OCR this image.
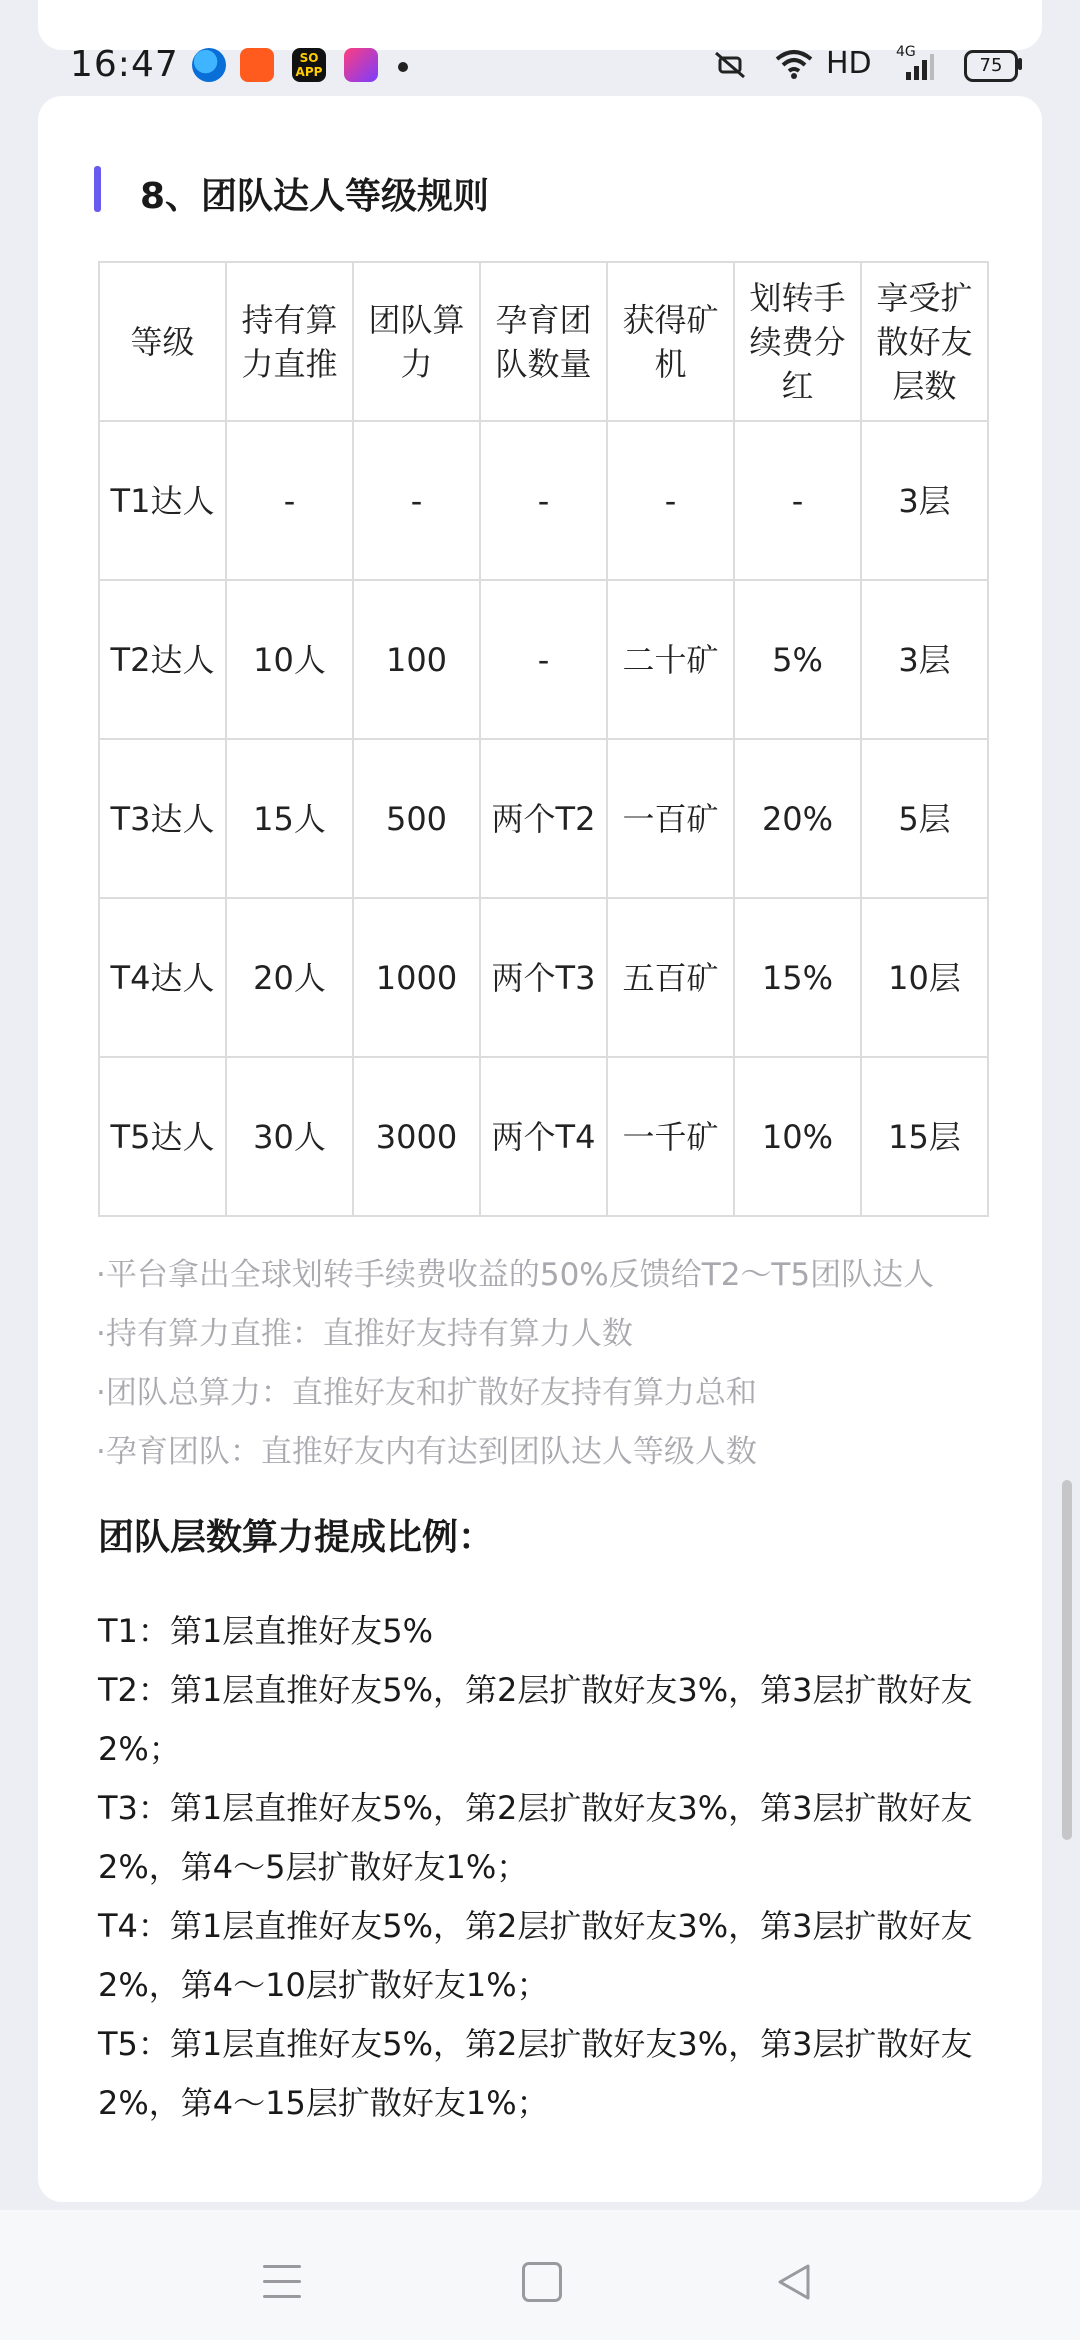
16:47	SO
APP	HD 4G
75
8、团队达人等级规则
等级	持有算力直推	团队算力	孕育团队数量	获得矿机	划转手续费分红	享受扩散好友层数
T1达人	-	-	-	-	-	3层
T2达人	10人	100	-	二十矿	5%	3层
T3达人	15人	500	两个T2	一百矿	20%	5层
T4达人	20人	1000	两个T3	五百矿	15%	10层
T5达人	30人	3000	两个T4	一千矿	10%	15层
·平台拿出全球划转手续费收益的50%反馈给T2～T5团队达人
·持有算力直推：直推好友持有算力人数
·团队总算力：直推好友和扩散好友持有算力总和
·孕育团队：直推好友内有达到团队达人等级人数
团队层数算力提成比例：
T1：第1层直推好友5%
T2：第1层直推好友5%，第2层扩散好友3%，第3层扩散好友2%；
T3：第1层直推好友5%，第2层扩散好友3%，第3层扩散好友2%，第4～5层扩散好友1%；
T4：第1层直推好友5%，第2层扩散好友3%，第3层扩散好友2%，第4～10层扩散好友1%；
T5：第1层直推好友5%，第2层扩散好友3%，第3层扩散好友2%，第4～15层扩散好友1%；
